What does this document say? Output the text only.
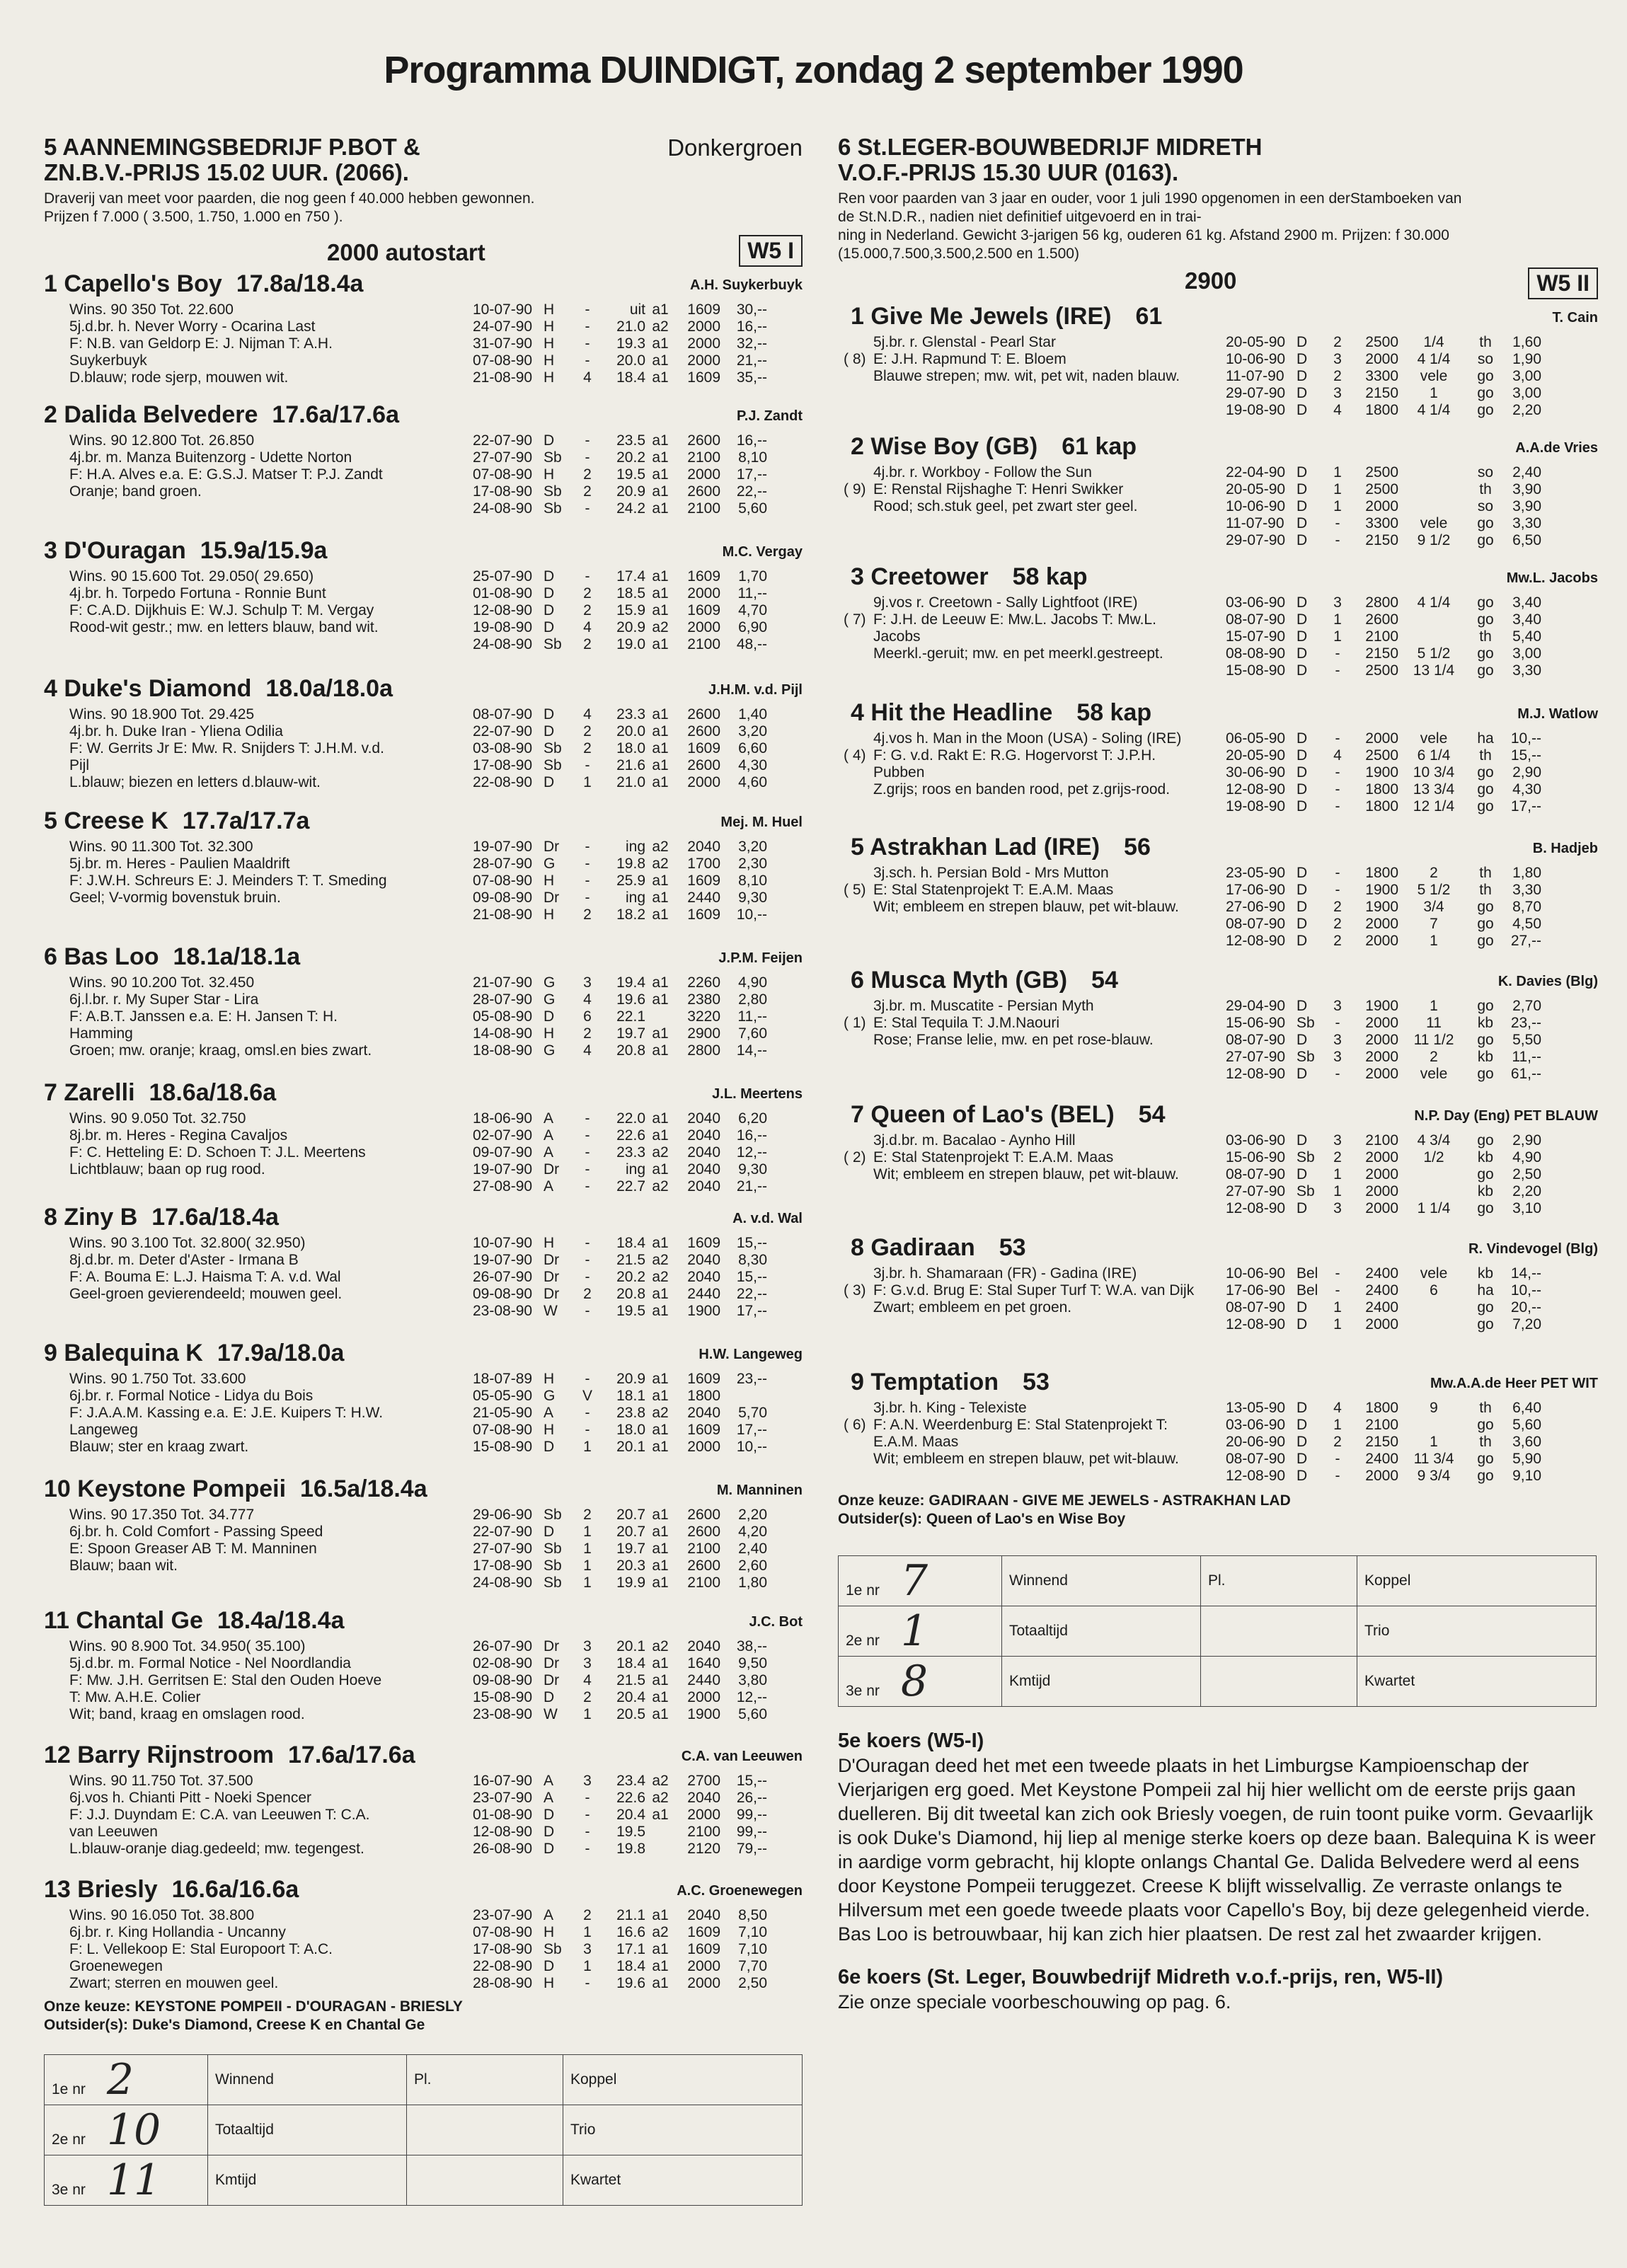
Programma DUINDIGT, zondag 2 september 1990
5 AANNEMINGSBEDRIJF P.BOT &
ZN.B.V.-PRIJS 15.02 UUR. (2066).
Donkergroen
Draverij van meet voor paarden, die nog geen f 40.000 hebben gewonnen.
Prijzen f 7.000 ( 3.500, 1.750, 1.000 en 750 ).
2000 autostart	W5 I
1 Capello's Boy 17.8a/18.4a	A.H. Suykerbuyk
Wins. 90 350 Tot. 22.600
5j.d.br. h. Never Worry - Ocarina Last
F: N.B. van Geldorp E: J. Nijman T: A.H.
Suykerbuyk
D.blauw; rode sjerp, mouwen wit.
10-07-90	H	-	uit	a1	1609	30,--
24-07-90	H	-	21.0	a2	2000	16,--
31-07-90	H	-	19.3	a1	2000	32,--
07-08-90	H	-	20.0	a1	2000	21,--
21-08-90	H	4	18.4	a1	1609	35,--
2 Dalida Belvedere 17.6a/17.6a	P.J. Zandt
Wins. 90 12.800 Tot. 26.850
4j.br. m. Manza Buitenzorg - Udette Norton
F: H.A. Alves e.a. E: G.S.J. Matser T: P.J. Zandt
Oranje; band groen.
22-07-90	D	-	23.5	a1	2600	16,--
27-07-90	Sb	-	20.2	a1	2100	8,10
07-08-90	H	2	19.5	a1	2000	17,--
17-08-90	Sb	2	20.9	a1	2600	22,--
24-08-90	Sb	-	24.2	a1	2100	5,60
3 D'Ouragan 15.9a/15.9a	M.C. Vergay
Wins. 90 15.600 Tot. 29.050( 29.650)
4j.br. h. Torpedo Fortuna - Ronnie Bunt
F: C.A.D. Dijkhuis E: W.J. Schulp T: M. Vergay
Rood-wit gestr.; mw. en letters blauw, band wit.
25-07-90	D	-	17.4	a1	1609	1,70
01-08-90	D	2	18.5	a1	2000	11,--
12-08-90	D	2	15.9	a1	1609	4,70
19-08-90	D	4	20.9	a2	2000	6,90
24-08-90	Sb	2	19.0	a1	2100	48,--
4 Duke's Diamond 18.0a/18.0a	J.H.M. v.d. Pijl
Wins. 90 18.900 Tot. 29.425
4j.br. h. Duke Iran - Yliena Odilia
F: W. Gerrits Jr E: Mw. R. Snijders T: J.H.M. v.d.
Pijl
L.blauw; biezen en letters d.blauw-wit.
08-07-90	D	4	23.3	a1	2600	1,40
22-07-90	D	2	20.0	a1	2600	3,20
03-08-90	Sb	2	18.0	a1	1609	6,60
17-08-90	Sb	-	21.6	a1	2600	4,30
22-08-90	D	1	21.0	a1	2000	4,60
5 Creese K 17.7a/17.7a	Mej. M. Huel
Wins. 90 11.300 Tot. 32.300
5j.br. m. Heres - Paulien Maaldrift
F: J.W.H. Schreurs E: J. Meinders T: T. Smeding
Geel; V-vormig bovenstuk bruin.
19-07-90	Dr	-	ing	a2	2040	3,20
28-07-90	G	-	19.8	a2	1700	2,30
07-08-90	H	-	25.9	a1	1609	8,10
09-08-90	Dr	-	ing	a1	2440	9,30
21-08-90	H	2	18.2	a1	1609	10,--
6 Bas Loo 18.1a/18.1a	J.P.M. Feijen
Wins. 90 10.200 Tot. 32.450
6j.l.br. r. My Super Star - Lira
F: A.B.T. Janssen e.a. E: H. Jansen T: H.
Hamming
Groen; mw. oranje; kraag, omsl.en bies zwart.
21-07-90	G	3	19.4	a1	2260	4,90
28-07-90	G	4	19.6	a1	2380	2,80
05-08-90	D	6	22.1		3220	11,--
14-08-90	H	2	19.7	a1	2900	7,60
18-08-90	G	4	20.8	a1	2800	14,--
7 Zarelli 18.6a/18.6a	J.L. Meertens
Wins. 90 9.050 Tot. 32.750
8j.br. m. Heres - Regina Cavaljos
F: C. Hetteling E: D. Schoen T: J.L. Meertens
Lichtblauw; baan op rug rood.
18-06-90	A	-	22.0	a1	2040	6,20
02-07-90	A	-	22.6	a1	2040	16,--
09-07-90	A	-	23.3	a2	2040	12,--
19-07-90	Dr	-	ing	a1	2040	9,30
27-08-90	A	-	22.7	a2	2040	21,--
8 Ziny B 17.6a/18.4a	A. v.d. Wal
Wins. 90 3.100 Tot. 32.800( 32.950)
8j.d.br. m. Deter d'Aster - Irmana B
F: A. Bouma E: L.J. Haisma T: A. v.d. Wal
Geel-groen gevierendeeld; mouwen geel.
10-07-90	H	-	18.4	a1	1609	15,--
19-07-90	Dr	-	21.5	a2	2040	8,30
26-07-90	Dr	-	20.2	a2	2040	15,--
09-08-90	Dr	2	20.8	a1	2440	22,--
23-08-90	W	-	19.5	a1	1900	17,--
9 Balequina K 17.9a/18.0a	H.W. Langeweg
Wins. 90 1.750 Tot. 33.600
6j.br. r. Formal Notice - Lidya du Bois
F: J.A.A.M. Kassing e.a. E: J.E. Kuipers T: H.W.
Langeweg
Blauw; ster en kraag zwart.
18-07-89	H	-	20.9	a1	1609	23,--
05-05-90	G	V	18.1	a1	1800	
21-05-90	A	-	23.8	a2	2040	5,70
07-08-90	H	-	18.0	a1	1609	17,--
15-08-90	D	1	20.1	a1	2000	10,--
10 Keystone Pompeii 16.5a/18.4a	M. Manninen
Wins. 90 17.350 Tot. 34.777
6j.br. h. Cold Comfort - Passing Speed
E: Spoon Greaser AB T: M. Manninen
Blauw; baan wit.
29-06-90	Sb	2	20.7	a1	2600	2,20
22-07-90	D	1	20.7	a1	2600	4,20
27-07-90	Sb	1	19.7	a1	2100	2,40
17-08-90	Sb	1	20.3	a1	2600	2,60
24-08-90	Sb	1	19.9	a1	2100	1,80
11 Chantal Ge 18.4a/18.4a	J.C. Bot
Wins. 90 8.900 Tot. 34.950( 35.100)
5j.d.br. m. Formal Notice - Nel Noordlandia
F: Mw. J.H. Gerritsen E: Stal den Ouden Hoeve
T: Mw. A.H.E. Colier
Wit; band, kraag en omslagen rood.
26-07-90	Dr	3	20.1	a2	2040	38,--
02-08-90	Dr	3	18.4	a1	1640	9,50
09-08-90	Dr	4	21.5	a1	2440	3,80
15-08-90	D	2	20.4	a1	2000	12,--
23-08-90	W	1	20.5	a1	1900	5,60
12 Barry Rijnstroom 17.6a/17.6a	C.A. van Leeuwen
Wins. 90 11.750 Tot. 37.500
6j.vos h. Chianti Pitt - Noeki Spencer
F: J.J. Duyndam E: C.A. van Leeuwen T: C.A.
van Leeuwen
L.blauw-oranje diag.gedeeld; mw. tegengest.
16-07-90	A	3	23.4	a2	2700	15,--
23-07-90	A	-	22.6	a2	2040	26,--
01-08-90	D	-	20.4	a1	2000	99,--
12-08-90	D	-	19.5		2100	99,--
26-08-90	D	-	19.8		2120	79,--
13 Briesly 16.6a/16.6a	A.C. Groenewegen
Wins. 90 16.050 Tot. 38.800
6j.br. r. King Hollandia - Uncanny
F: L. Vellekoop E: Stal Europoort T: A.C.
Groenewegen
Zwart; sterren en mouwen geel.
23-07-90	A	2	21.1	a1	2040	8,50
07-08-90	H	1	16.6	a2	1609	7,10
17-08-90	Sb	3	17.1	a1	1609	7,10
22-08-90	D	1	18.4	a1	2000	7,70
28-08-90	H	-	19.6	a1	2000	2,50
Onze keuze: KEYSTONE POMPEII - D'OURAGAN - BRIESLY
Outsider(s): Duke's Diamond, Creese K en Chantal Ge
1e nr 2	Winnend	Pl.	Koppel
2e nr 10	Totaaltijd		Trio
3e nr 11	Kmtijd		Kwartet
6 St.LEGER-BOUWBEDRIJF MIDRETH
V.O.F.-PRIJS 15.30 UUR (0163).
Ren voor paarden van 3 jaar en ouder, voor 1 juli 1990 opgenomen in een derStamboeken van
de St.N.D.R., nadien niet definitief uitgevoerd en in trai-
ning in Nederland. Gewicht 3-jarigen 56 kg, ouderen 61 kg. Afstand 2900 m. Prijzen: f 30.000
(15.000,7.500,3.500,2.500 en 1.500)
2900	W5 II
1 Give Me Jewels (IRE) 61	T. Cain
( 8)
5j.br. r. Glenstal - Pearl Star
E: J.H. Rapmund T: E. Bloem
Blauwe strepen; mw. wit, pet wit, naden blauw.
20-05-90	D	2	2500	1/4	th	1,60
10-06-90	D	3	2000	4 1/4	so	1,90
11-07-90	D	2	3300	vele	go	3,00
29-07-90	D	3	2150	1	go	3,00
19-08-90	D	4	1800	4 1/4	go	2,20
2 Wise Boy (GB) 61 kap	A.A.de Vries
( 9)
4j.br. r. Workboy - Follow the Sun
E: Renstal Rijshaghe T: Henri Swikker
Rood; sch.stuk geel, pet zwart ster geel.
22-04-90	D	1	2500		so	2,40
20-05-90	D	1	2500		th	3,90
10-06-90	D	1	2000		so	3,90
11-07-90	D	-	3300	vele	go	3,30
29-07-90	D	-	2150	9 1/2	go	6,50
3 Creetower 58 kap	Mw.L. Jacobs
( 7)
9j.vos r. Creetown - Sally Lightfoot (IRE)
F: J.H. de Leeuw E: Mw.L. Jacobs T: Mw.L.
Jacobs
Meerkl.-geruit; mw. en pet meerkl.gestreept.
03-06-90	D	3	2800	4 1/4	go	3,40
08-07-90	D	1	2600		go	3,40
15-07-90	D	1	2100		th	5,40
08-08-90	D	-	2150	5 1/2	go	3,00
15-08-90	D	-	2500	13 1/4	go	3,30
4 Hit the Headline 58 kap	M.J. Watlow
( 4)
4j.vos h. Man in the Moon (USA) - Soling (IRE)
F: G. v.d. Rakt E: R.G. Hogervorst T: J.P.H.
Pubben
Z.grijs; roos en banden rood, pet z.grijs-rood.
06-05-90	D	-	2000	vele	ha	10,--
20-05-90	D	4	2500	6 1/4	th	15,--
30-06-90	D	-	1900	10 3/4	go	2,90
12-08-90	D	-	1800	13 3/4	go	4,30
19-08-90	D	-	1800	12 1/4	go	17,--
5 Astrakhan Lad (IRE) 56	B. Hadjeb
( 5)
3j.sch. h. Persian Bold - Mrs Mutton
E: Stal Statenprojekt T: E.A.M. Maas
Wit; embleem en strepen blauw, pet wit-blauw.
23-05-90	D	-	1800	2	th	1,80
17-06-90	D	-	1900	5 1/2	th	3,30
27-06-90	D	2	1900	3/4	go	8,70
08-07-90	D	2	2000	7	go	4,50
12-08-90	D	2	2000	1	go	27,--
6 Musca Myth (GB) 54	K. Davies (Blg)
( 1)
3j.br. m. Muscatite - Persian Myth
E: Stal Tequila T: J.M.Naouri
Rose; Franse lelie, mw. en pet rose-blauw.
29-04-90	D	3	1900	1	go	2,70
15-06-90	Sb	-	2000	11	kb	23,--
08-07-90	D	3	2000	11 1/2	go	5,50
27-07-90	Sb	3	2000	2	kb	11,--
12-08-90	D	-	2000	vele	go	61,--
7 Queen of Lao's (BEL) 54	N.P. Day (Eng) PET BLAUW
( 2)
3j.d.br. m. Bacalao - Aynho Hill
E: Stal Statenprojekt T: E.A.M. Maas
Wit; embleem en strepen blauw, pet wit-blauw.
03-06-90	D	3	2100	4 3/4	go	2,90
15-06-90	Sb	2	2000	1/2	kb	4,90
08-07-90	D	1	2000		go	2,50
27-07-90	Sb	1	2000		kb	2,20
12-08-90	D	3	2000	1 1/4	go	3,10
8 Gadiraan 53	R. Vindevogel (Blg)
( 3)
3j.br. h. Shamaraan (FR) - Gadina (IRE)
F: G.v.d. Brug E: Stal Super Turf T: W.A. van Dijk
Zwart; embleem en pet groen.
10-06-90	Bel	-	2400	vele	kb	14,--
17-06-90	Bel	-	2400	6	ha	10,--
08-07-90	D	1	2400		go	20,--
12-08-90	D	1	2000		go	7,20
9 Temptation 53	Mw.A.A.de Heer PET WIT
( 6)
3j.br. h. King - Telexiste
F: A.N. Weerdenburg E: Stal Statenprojekt T:
E.A.M. Maas
Wit; embleem en strepen blauw, pet wit-blauw.
13-05-90	D	4	1800	9	th	6,40
03-06-90	D	1	2100		go	5,60
20-06-90	D	2	2150	1	th	3,60
08-07-90	D	-	2400	11 3/4	go	5,90
12-08-90	D	-	2000	9 3/4	go	9,10
Onze keuze: GADIRAAN - GIVE ME JEWELS - ASTRAKHAN LAD
Outsider(s): Queen of Lao's en Wise Boy
1e nr 7	Winnend	Pl.	Koppel
2e nr 1	Totaaltijd		Trio
3e nr 8	Kmtijd		Kwartet
5e koers (W5-I)
D'Ouragan deed het met een tweede plaats in het Limburgse Kampioenschap der Vierjarigen erg goed. Met Keystone Pompeii zal hij hier wellicht om de eerste prijs gaan duelleren. Bij dit tweetal kan zich ook Briesly voegen, de ruin toont puike vorm. Gevaarlijk is ook Duke's Diamond, hij liep al menige sterke koers op deze baan. Balequina K is weer in aardige vorm gebracht, hij klopte onlangs Chantal Ge. Dalida Belvedere werd al eens door Keystone Pompeii teruggezet. Creese K blijft wisselvallig. Ze verraste onlangs te Hilversum met een goede tweede plaats voor Capello's Boy, bij deze gelegenheid vierde. Bas Loo is betrouwbaar, hij kan zich hier plaatsen. De rest zal het zwaarder krijgen.
6e koers (St. Leger, Bouwbedrijf Midreth v.o.f.-prijs, ren, W5-II)
Zie onze speciale voorbeschouwing op pag. 6.
